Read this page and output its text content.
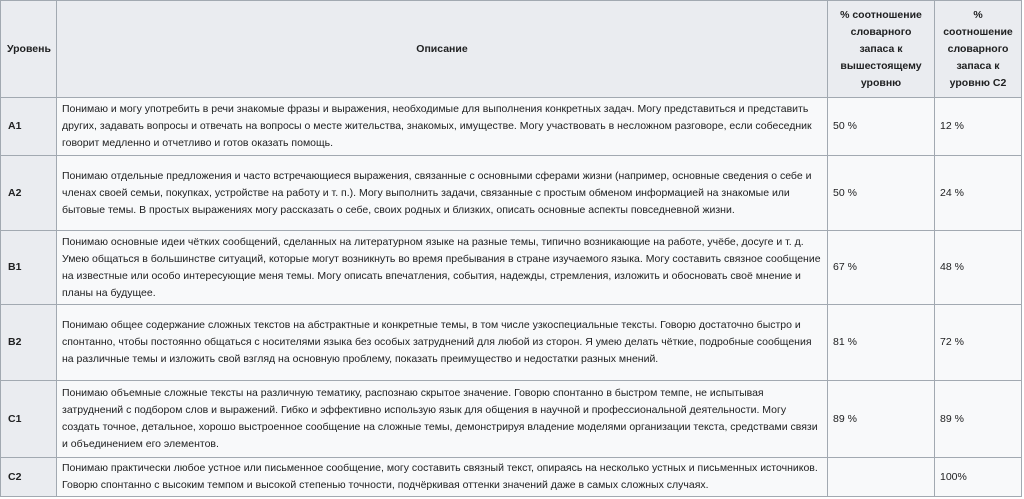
Уровень	Описание	% соотношение словарного запаса к вышестоящему уровню	% соотношение словарного запаса к уровню С2
A1	Понимаю и могу употребить в речи знакомые фразы и выражения, необходимые для выполнения конкретных задач. Могу представиться и представить других, задавать вопросы и отвечать на вопросы о месте жительства, знакомых, имуществе. Могу участвовать в несложном разговоре, если собеседник говорит медленно и отчетливо и готов оказать помощь.	50 %	12 %
A2	Понимаю отдельные предложения и часто встречающиеся выражения, связанные с основными сферами жизни (например, основные сведения о себе и членах своей семьи, покупках, устройстве на работу и т. п.). Могу выполнить задачи, связанные с простым обменом информацией на знакомые или бытовые темы. В простых выражениях могу рассказать о себе, своих родных и близких, описать основные аспекты повседневной жизни.	50 %	24 %
B1	Понимаю основные идеи чётких сообщений, сделанных на литературном языке на разные темы, типично возникающие на работе, учёбе, досуге и т. д. Умею общаться в большинстве ситуаций, которые могут возникнуть во время пребывания в стране изучаемого языка. Могу составить связное сообщение на известные или особо интересующие меня темы. Могу описать впечатления, события, надежды, стремления, изложить и обосновать своё мнение и планы на будущее.	67 %	48 %
B2	Понимаю общее содержание сложных текстов на абстрактные и конкретные темы, в том числе узкоспециальные тексты. Говорю достаточно быстро и спонтанно, чтобы постоянно общаться с носителями языка без особых затруднений для любой из сторон. Я умею делать чёткие, подробные сообщения на различные темы и изложить свой взгляд на основную проблему, показать преимущество и недостатки разных мнений.	81 %	72 %
C1	Понимаю объемные сложные тексты на различную тематику, распознаю скрытое значение. Говорю спонтанно в быстром темпе, не испытывая затруднений с подбором слов и выражений. Гибко и эффективно использую язык для общения в научной и профессиональной деятельности. Могу создать точное, детальное, хорошо выстроенное сообщение на сложные темы, демонстрируя владение моделями организации текста, средствами связи и объединением его элементов.	89 %	89 %
C2	Понимаю практически любое устное или письменное сообщение, могу составить связный текст, опираясь на несколько устных и письменных источников. Говорю спонтанно с высоким темпом и высокой степенью точности, подчёркивая оттенки значений даже в самых сложных случаях.		100%
